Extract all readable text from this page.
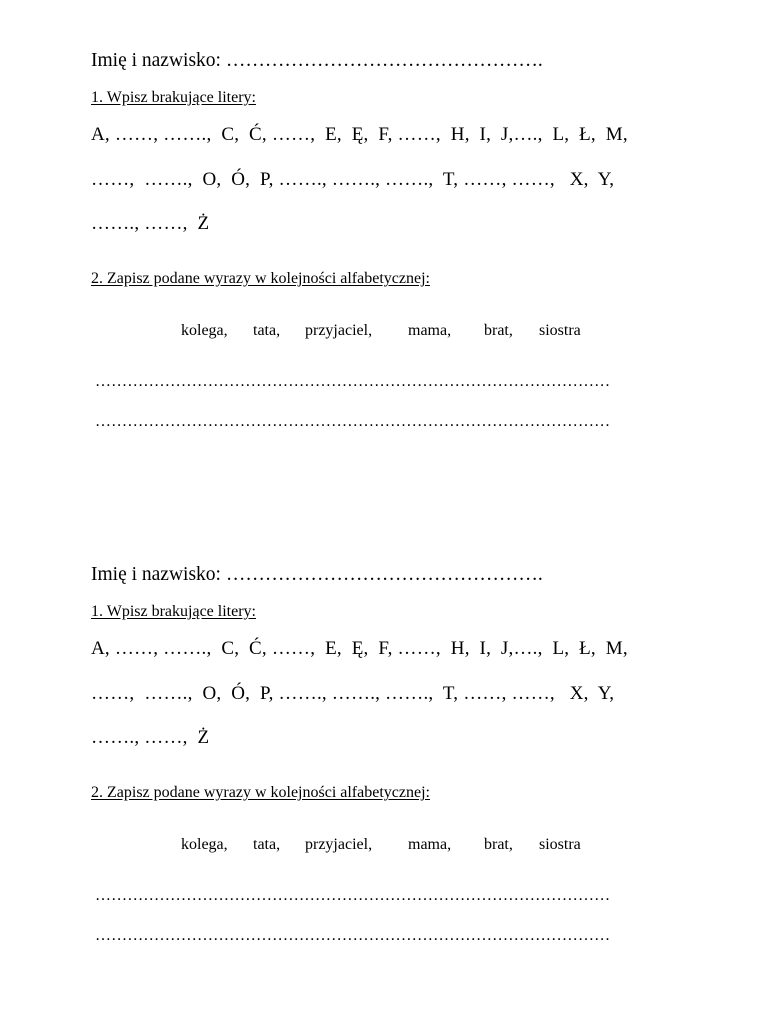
Imię i nazwisko: ………………………………………….
1. Wpisz brakujące litery:
A, ……, …….,  C,  Ć, ……,  E,  Ę,  F, ……,  H,  I,  J,….,  L,  Ł,  M,
……,  …….,  O,  Ó,  P, ……., ……., …….,  T, ……, ……,   X,  Y,
……., ……,  Ż
2. Zapisz podane wyrazy w kolejności alfabetycznej:
kolega, tata, przyjaciel, mama, brat, siostra
……………………………………………………………………………………
……………………………………………………………………………………
Imię i nazwisko: ………………………………………….
1. Wpisz brakujące litery:
A, ……, …….,  C,  Ć, ……,  E,  Ę,  F, ……,  H,  I,  J,….,  L,  Ł,  M,
……,  …….,  O,  Ó,  P, ……., ……., …….,  T, ……, ……,   X,  Y,
……., ……,  Ż
2. Zapisz podane wyrazy w kolejności alfabetycznej:
kolega, tata, przyjaciel, mama, brat, siostra
……………………………………………………………………………………
……………………………………………………………………………………
